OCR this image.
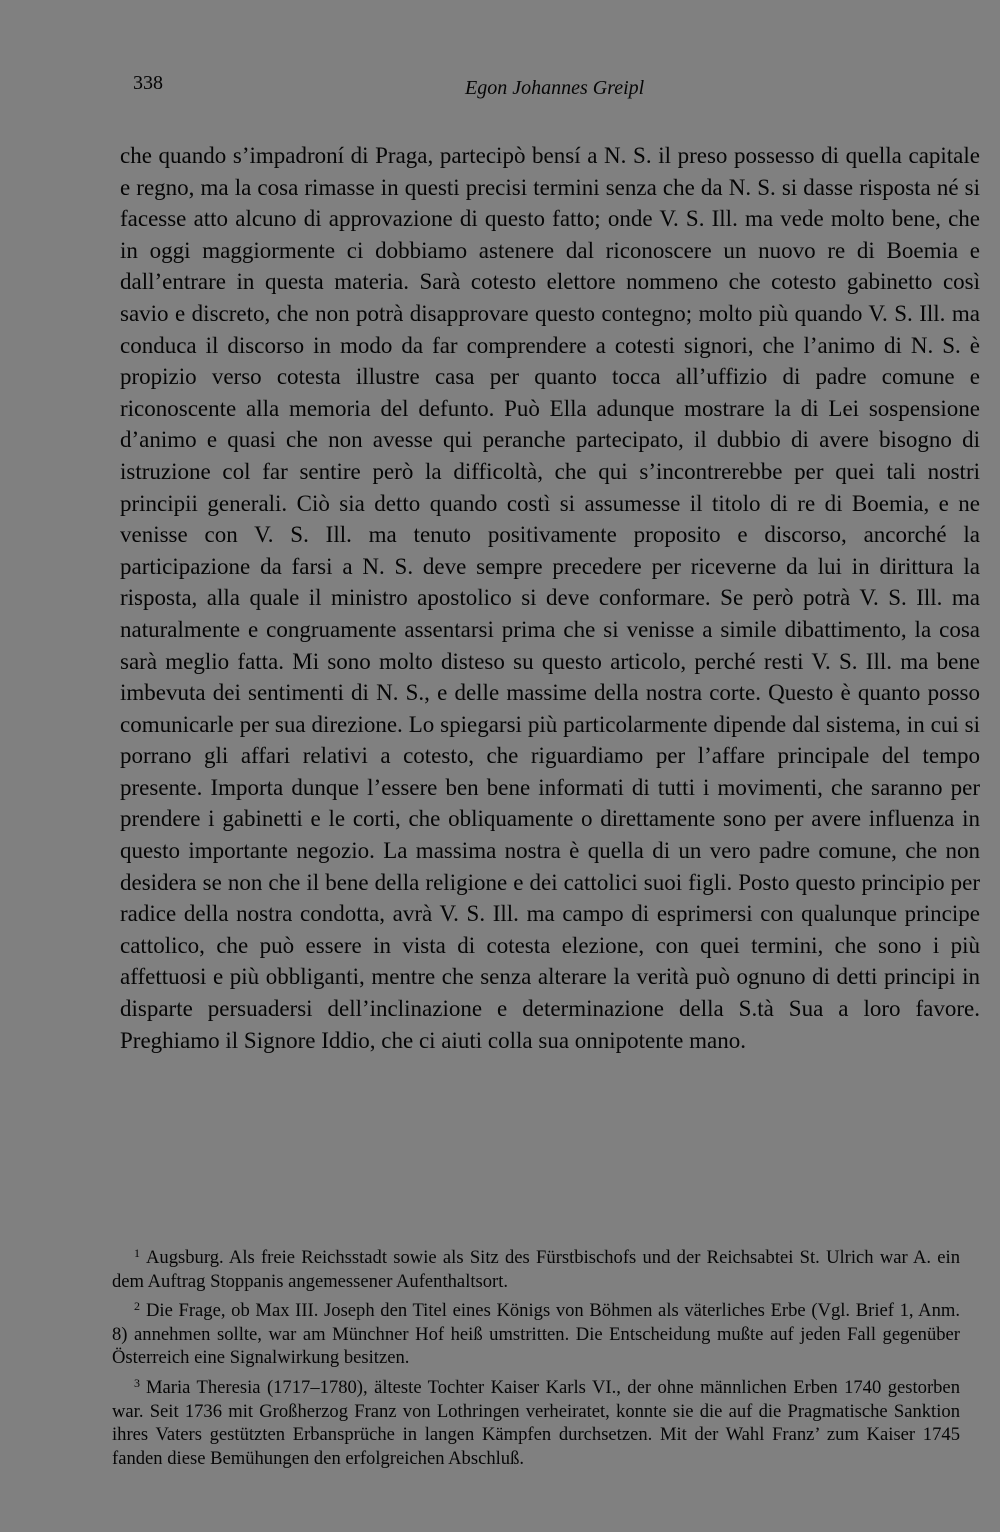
338	Egon Johannes Greipl

che quando s’impadroní di Praga, partecipò bensí a N. S. il preso possesso di quella capitale e regno, ma la cosa rimasse in questi precisi termini senza che da N. S. si dasse risposta né si facesse atto alcuno di approvazione di questo fatto; onde V. S. Ill. ma vede molto bene, che in oggi maggiormente ci dobbiamo astenere dal riconoscere un nuovo re di Boemia e dall’entrare in questa materia. Sarà cotesto elettore nommeno che cotesto gabinetto così savio e discreto, che non potrà disapprovare questo contegno; molto più quando V. S. Ill. ma conduca il discorso in modo da far comprendere a cotesti signori, che l’animo di N. S. è propizio verso cotesta illustre casa per quanto tocca all’uffizio di padre comune e riconoscente alla memoria del defunto. Può Ella adunque mostrare la di Lei sospensione d’animo e quasi che non avesse qui peranche partecipato, il dubbio di avere bisogno di istruzione col far sentire però la difficoltà, che qui s’incontrerebbe per quei tali nostri principii generali. Ciò sia detto quando costì si assumesse il titolo di re di Boemia, e ne venisse con V. S. Ill. ma tenuto positivamente proposito e discorso, ancorché la participazione da farsi a N. S. deve sempre precedere per riceverne da lui in dirittura la risposta, alla quale il ministro apostolico si deve conformare. Se però potrà V. S. Ill. ma naturalmente e congruamente assentarsi prima che si venisse a simile dibattimento, la cosa sarà meglio fatta. Mi sono molto disteso su questo articolo, perché resti V. S. Ill. ma bene imbevuta dei sentimenti di N. S., e delle massime della nostra corte. Questo è quanto posso comunicarle per sua direzione. Lo spiegarsi più particolarmente dipende dal sistema, in cui si porrano gli affari relativi a cotesto, che riguardiamo per l’affare principale del tempo presente. Importa dunque l’essere ben bene informati di tutti i movimenti, che saranno per prendere i gabinetti e le corti, che obliquamente o direttamente sono per avere influenza in questo importante negozio. La massima nostra è quella di un vero padre comune, che non desidera se non che il bene della religione e dei cattolici suoi figli. Posto questo principio per radice della nostra condotta, avrà V. S. Ill. ma campo di esprimersi con qualunque principe cattolico, che può essere in vista di cotesta elezione, con quei termini, che sono i più affettuosi e più obbliganti, mentre che senza alterare la verità può ognuno di detti principi in disparte persuadersi dell’inclinazione e determinazione della S.tà Sua a loro favore. Preghiamo il Signore Iddio, che ci aiuti colla sua onnipotente mano.

$^1$ Augsburg. Als freie Reichsstadt sowie als Sitz des Fürstbischofs und der Reichsabtei St. Ulrich war A. ein dem Auftrag Stoppanis angemessener Aufenthaltsort.

$^2$ Die Frage, ob Max III. Joseph den Titel eines Königs von Böhmen als väterliches Erbe (Vgl. Brief 1, Anm. 8) annehmen sollte, war am Münchner Hof heiß umstritten. Die Entscheidung mußte auf jeden Fall gegenüber Österreich eine Signalwirkung besitzen.

$^3$ Maria Theresia (1717–1780), älteste Tochter Kaiser Karls VI., der ohne männlichen Erben 1740 gestorben war. Seit 1736 mit Großherzog Franz von Lothringen verheiratet, konnte sie die auf die Pragmatische Sanktion ihres Vaters gestützten Erbansprüche in langen Kämpfen durchsetzen. Mit der Wahl Franz’ zum Kaiser 1745 fanden diese Bemühungen den erfolgreichen Abschluß.
